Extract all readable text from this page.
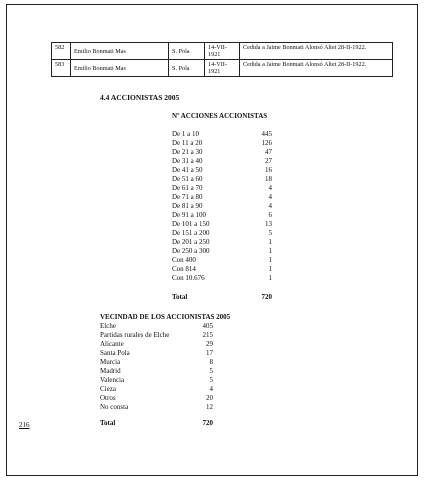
582	Emilio Bonmati Mas	S. Pola	14-VII-1921	Cedida a Jaime Bonmati Alonsó Altet 28-II-1922.
583	Emilio Bonmati Mas	S. Pola	14-VII-1921	Cedida a Jaime Bonmati Alonsó Altet 28-II-1922.
4.4 ACCIONISTAS 2005
Nº ACCIONES ACCIONISTAS
De 1 a 10	445
De 11 a 20	126
De 21 a 30	47
De 31 a 40	27
De 41 a 50	16
De 51 a 60	18
De 61 a 70	4
De 71 a 80	4
De 81 a 90	4
De 91 a 100	6
De 101 a 150	13
De 151 a 200	5
De 201 a 250	1
De 250 a 300	1
Con 400	1
Con 814	1
Con 10.676	1
Total	720
VECINDAD DE LOS ACCIONISTAS 2005
Elche	405
Partidas rurales de Elche	215
Alicante	29
Santa Pola	17
Murcia	8
Madrid	5
Valencia	5
Cieza	4
Otros	20
No consta	12
Total	720
216
